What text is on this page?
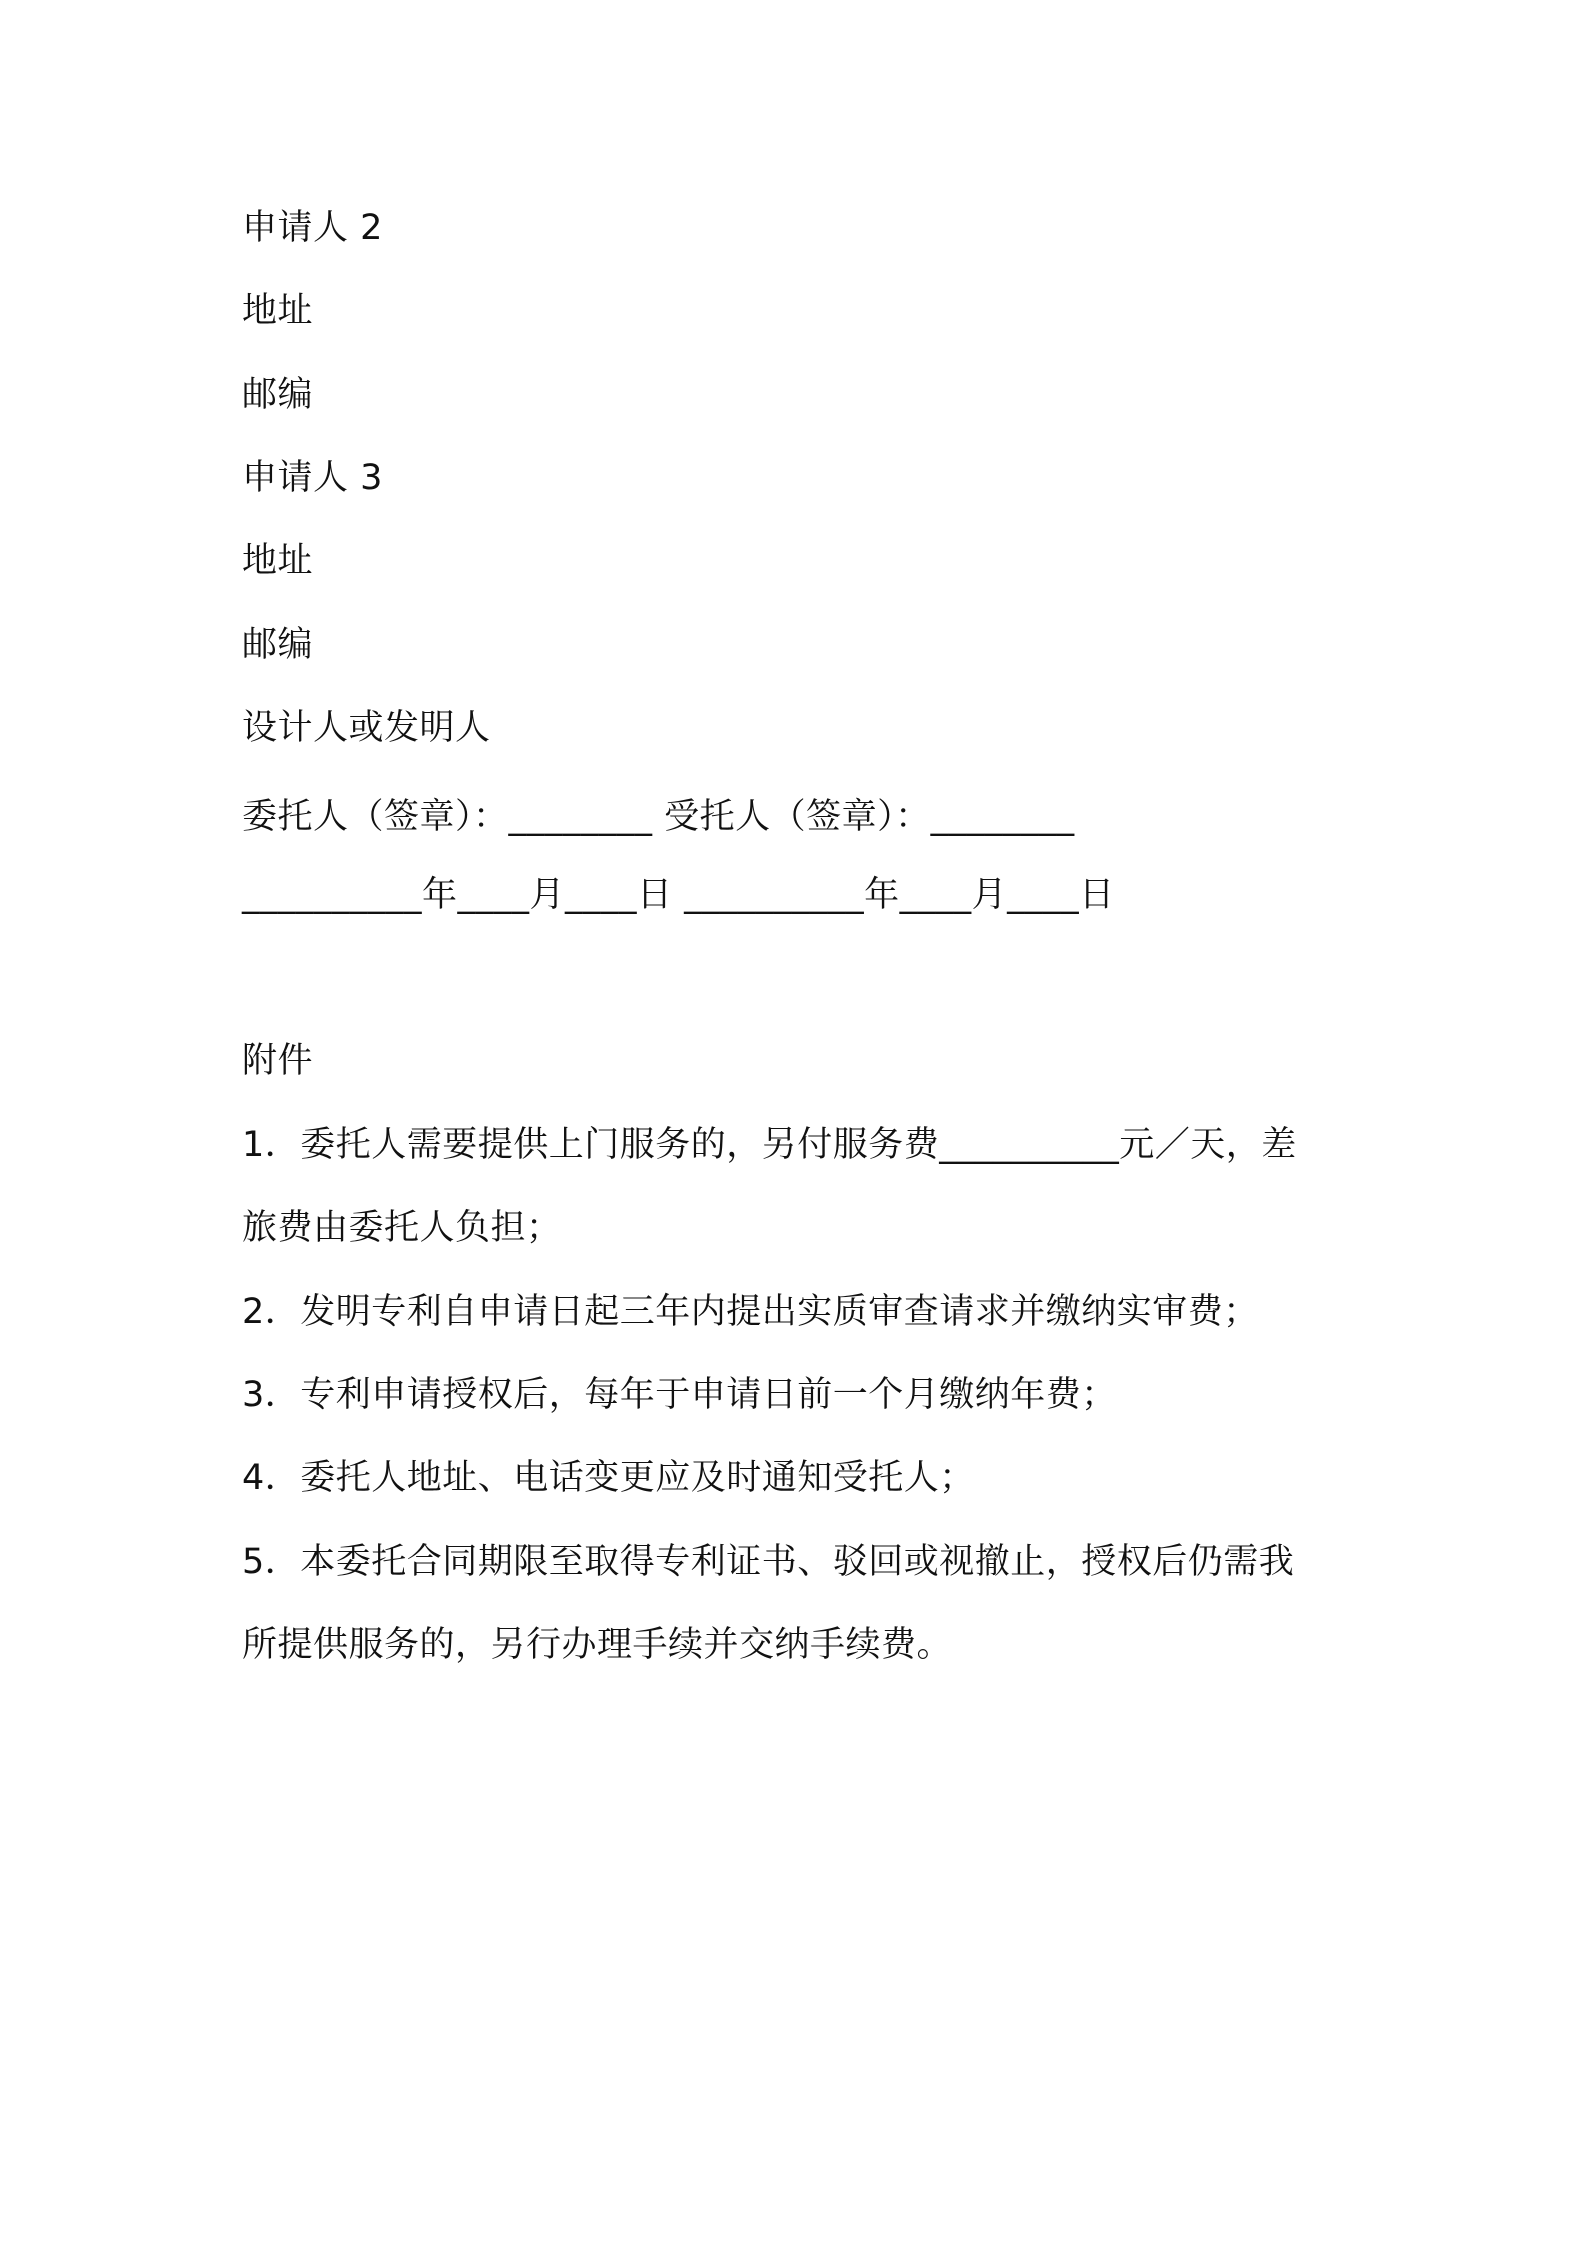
申请人 2
地址
邮编
申请人 3
地址
邮编
设计人或发明人
委托人（签章）：________ 受托人（签章）：________
__________年____月____日 __________年____月____日
附件
1．委托人需要提供上门服务的，另付服务费__________元／天，差
旅费由委托人负担；
2．发明专利自申请日起三年内提出实质审查请求并缴纳实审费；
3．专利申请授权后，每年于申请日前一个月缴纳年费；
4．委托人地址、电话变更应及时通知受托人；
5．本委托合同期限至取得专利证书、驳回或视撤止，授权后仍需我
所提供服务的，另行办理手续并交纳手续费。
